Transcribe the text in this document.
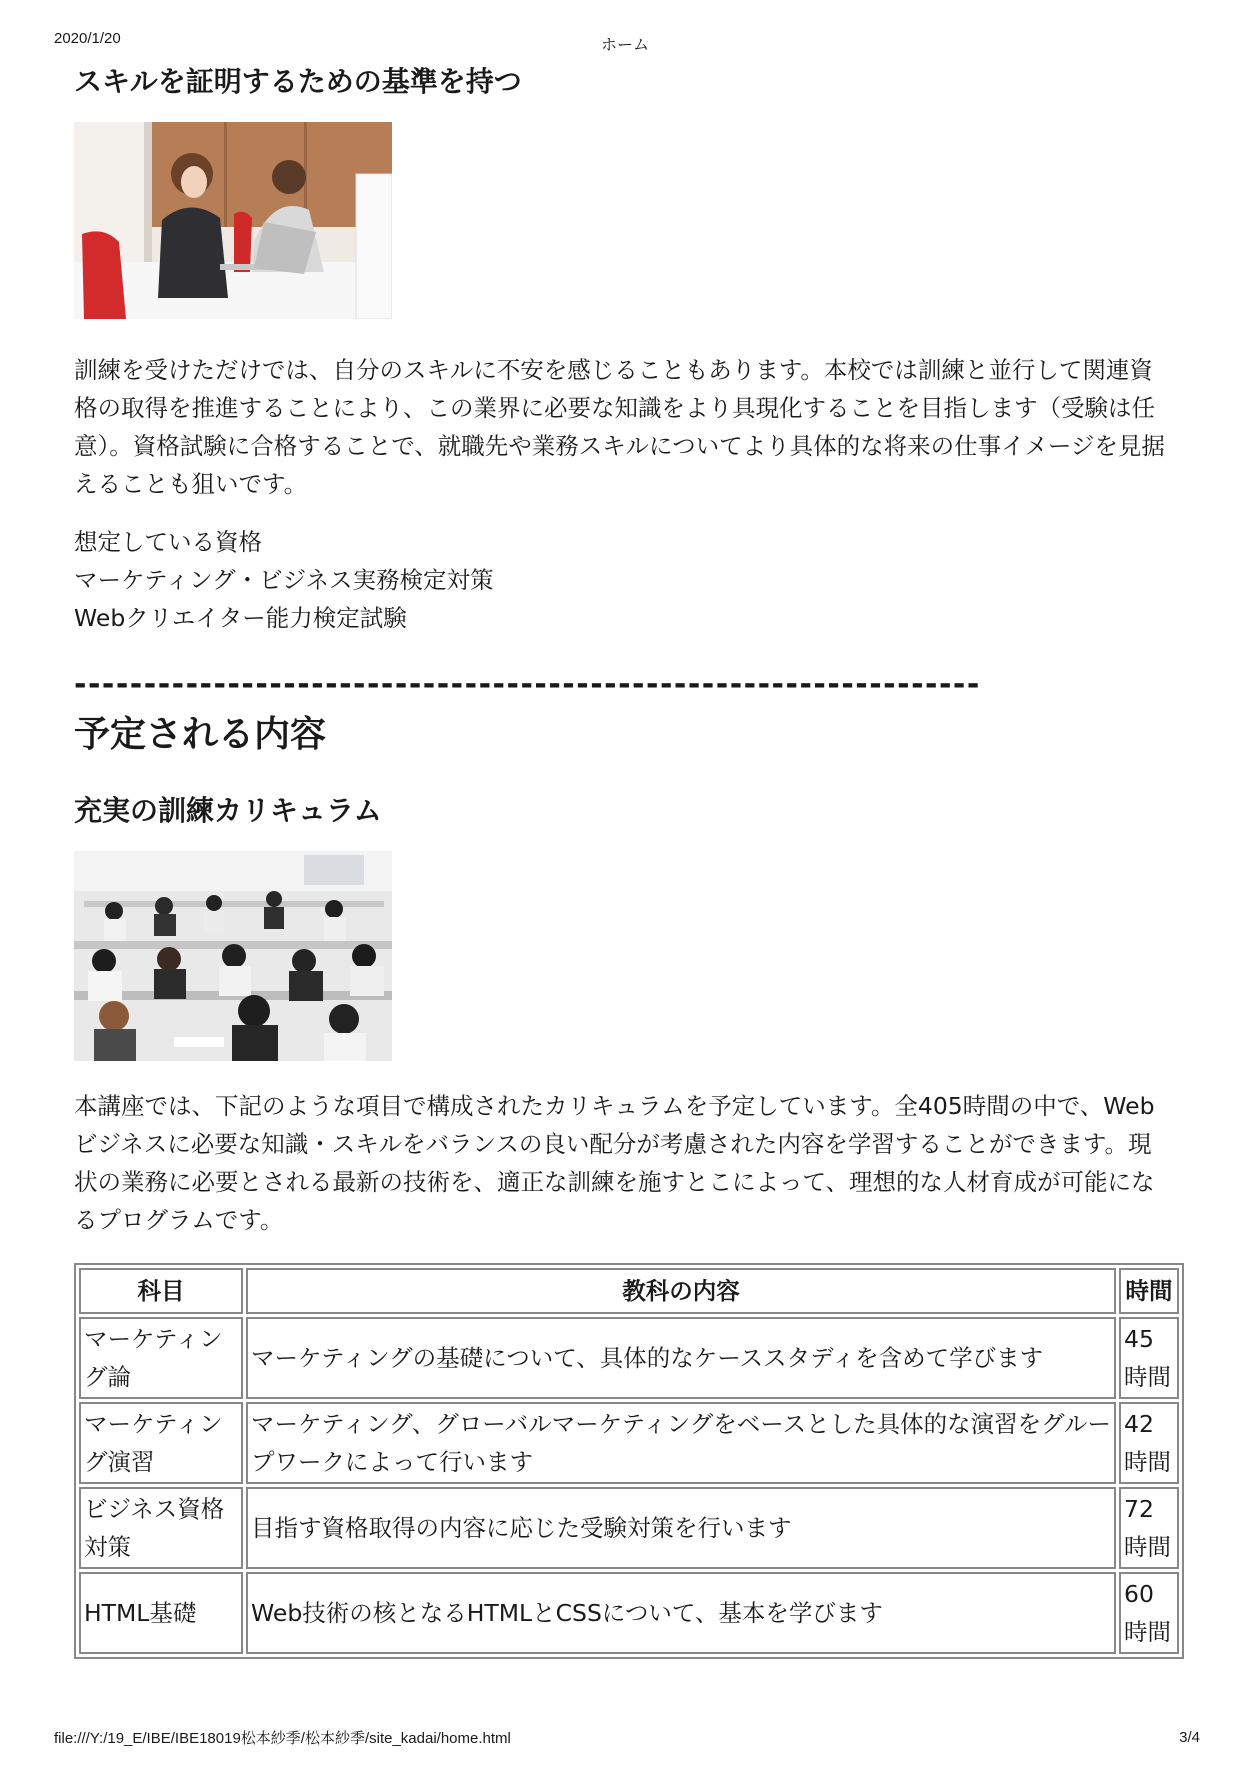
2020/1/20	ホーム
スキルを証明するための基準を持つ

訓練を受けただけでは、自分のスキルに不安を感じることもあります。本校では訓練と並行して関連資格の取得を推進することにより、この業界に必要な知識をより具現化することを目指します（受験は任意）。資格試験に合格することで、就職先や業務スキルについてより具体的な将来の仕事イメージを見据えることも狙いです。

想定している資格

マーケティング・ビジネス実務検定対策

Webクリエイター能力検定試験

-----------------------------------------------------------------
予定される内容
充実の訓練カリキュラム

本講座では、下記のような項目で構成されたカリキュラムを予定しています。全405時間の中で、Webビジネスに必要な知識・スキルをバランスの良い配分が考慮された内容を学習することができます。現状の業務に必要とされる最新の技術を、適正な訓練を施すとこによって、理想的な人材育成が可能になるプログラムです。

科目	教科の内容	時間
マーケティング論	マーケティングの基礎について、具体的なケーススタディを含めて学びます	45時間
マーケティング演習	マーケティング、グローバルマーケティングをベースとした具体的な演習をグループワークによって行います	42時間
ビジネス資格対策	目指す資格取得の内容に応じた受験対策を行います	72時間
HTML基礎	Web技術の核となるHTMLとCSSについて、基本を学びます	60時間
file:///Y:/19_E/IBE/IBE18019松本紗季/松本紗季/site_kadai/home.html	3/4
